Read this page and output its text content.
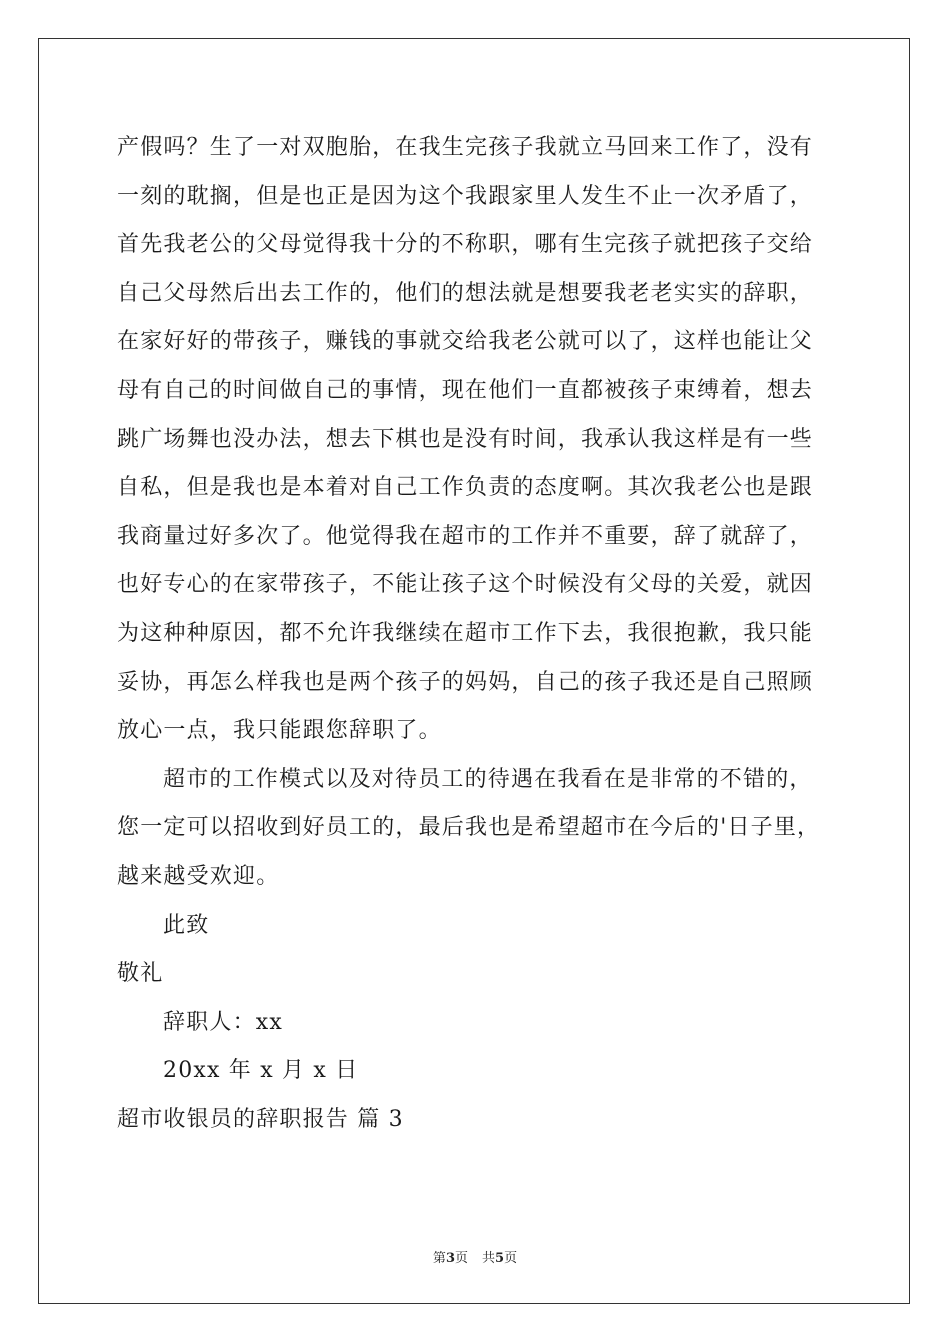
产假吗？生了一对双胞胎，在我生完孩子我就立马回来工作了，没有
一刻的耽搁，但是也正是因为这个我跟家里人发生不止一次矛盾了，
首先我老公的父母觉得我十分的不称职，哪有生完孩子就把孩子交给
自己父母然后出去工作的，他们的想法就是想要我老老实实的辞职，
在家好好的带孩子，赚钱的事就交给我老公就可以了，这样也能让父
母有自己的时间做自己的事情，现在他们一直都被孩子束缚着，想去
跳广场舞也没办法，想去下棋也是没有时间，我承认我这样是有一些
自私，但是我也是本着对自己工作负责的态度啊。其次我老公也是跟
我商量过好多次了。他觉得我在超市的工作并不重要，辞了就辞了，
也好专心的在家带孩子，不能让孩子这个时候没有父母的关爱，就因
为这种种原因，都不允许我继续在超市工作下去，我很抱歉，我只能
妥协，再怎么样我也是两个孩子的妈妈，自己的孩子我还是自己照顾
放心一点，我只能跟您辞职了。
超市的工作模式以及对待员工的待遇在我看在是非常的不错的，
您一定可以招收到好员工的，最后我也是希望超市在今后的'日子里，
越来越受欢迎。
此致
敬礼
辞职人：xx
20xx 年 x 月 x 日
超市收银员的辞职报告 篇 3
第3页 共5页
